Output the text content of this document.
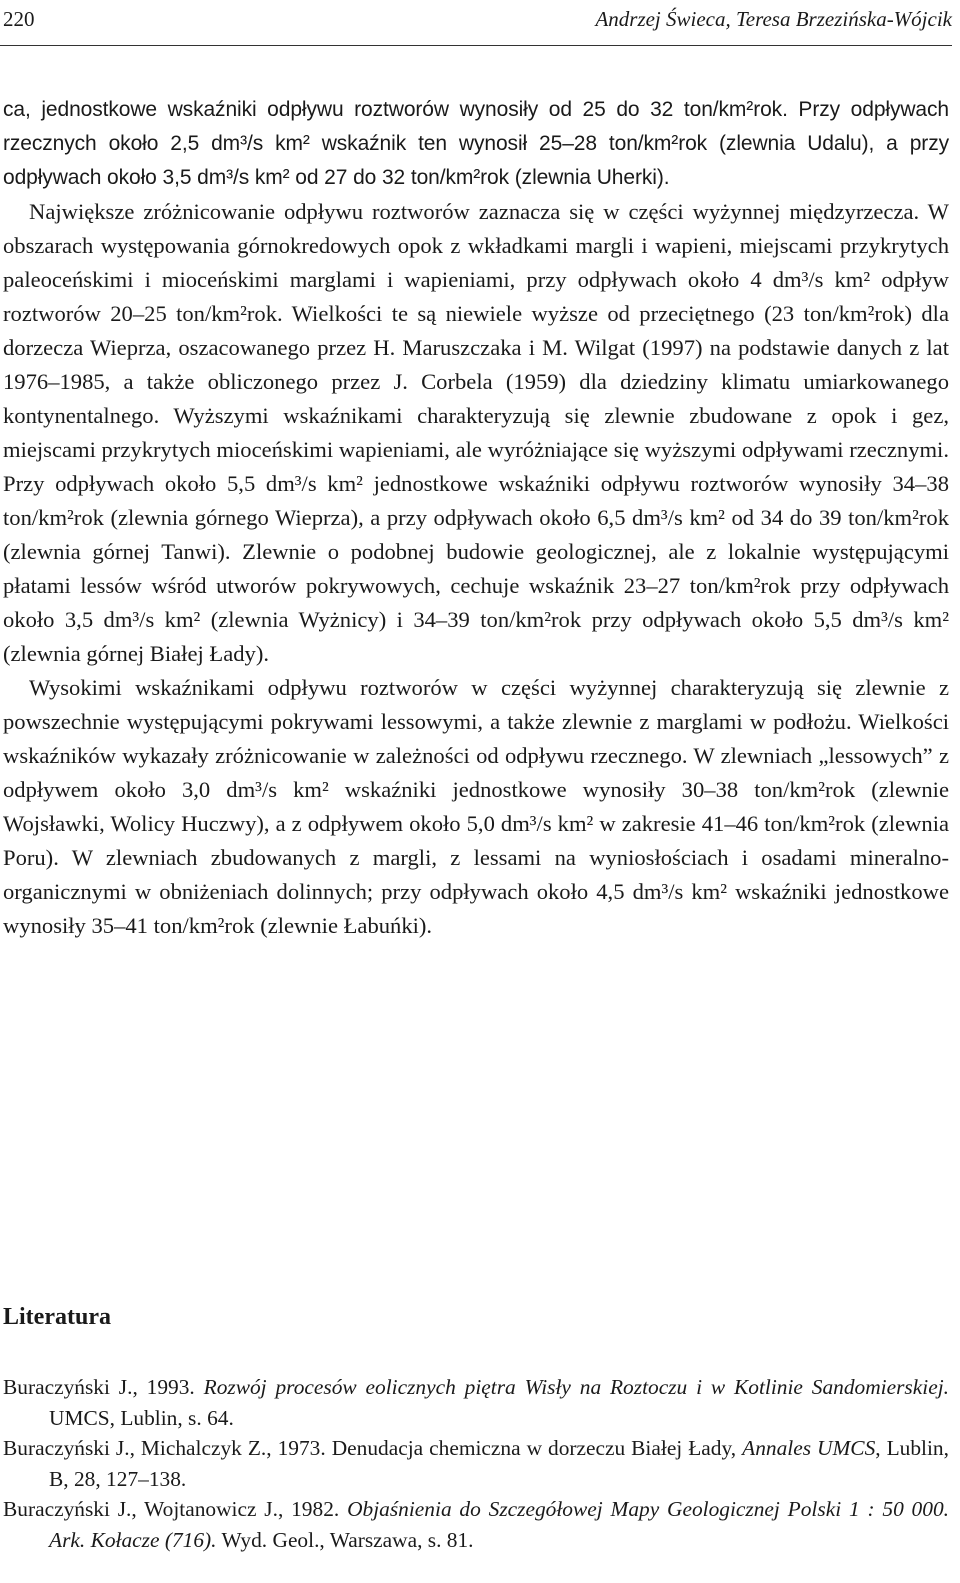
220	Andrzej Świeca, Teresa Brzezińska-Wójcik

ca, jednostkowe wskaźniki odpływu roztworów wynosiły od 25 do 32 ton/km²rok. Przy odpływach rzecznych około 2,5 dm³/s km² wskaźnik ten wynosił 25–28 ton/km²rok (zlewnia Udalu), a przy odpływach około 3,5 dm³/s km² od 27 do 32 ton/km²rok (zlewnia Uherki).

Największe zróżnicowanie odpływu roztworów zaznacza się w części wyżynnej międzyrzecza. W obszarach występowania górnokredowych opok z wkładkami margli i wapieni, miejscami przykrytych paleoceńskimi i mioceńskimi marglami i wapieniami, przy odpływach około 4 dm³/s km² odpływ roztworów 20–25 ton/km²rok. Wielkości te są niewiele wyższe od przeciętnego (23 ton/km²rok) dla dorzecza Wieprza, oszacowanego przez H. Maruszczaka i M. Wilgat (1997) na podstawie danych z lat 1976–1985, a także obliczonego przez J. Corbela (1959) dla dziedziny klimatu umiarkowanego kontynentalnego. Wyższymi wskaźnikami charakteryzują się zlewnie zbudowane z opok i gez, miejscami przykrytych mioceńskimi wapieniami, ale wyróżniające się wyższymi odpływami rzecznymi. Przy odpływach około 5,5 dm³/s km² jednostkowe wskaźniki odpływu roztworów wynosiły 34–38 ton/km²rok (zlewnia górnego Wieprza), a przy odpływach około 6,5 dm³/s km² od 34 do 39 ton/km²rok (zlewnia górnej Tanwi). Zlewnie o podobnej budowie geologicznej, ale z lokalnie występującymi płatami lessów wśród utworów pokrywowych, cechuje wskaźnik 23–27 ton/km²rok przy odpływach około 3,5 dm³/s km² (zlewnia Wyżnicy) i 34–39 ton/km²rok przy odpływach około 5,5 dm³/s km² (zlewnia górnej Białej Łady).

Wysokimi wskaźnikami odpływu roztworów w części wyżynnej charakteryzują się zlewnie z powszechnie występującymi pokrywami lessowymi, a także zlewnie z marglami w podłożu. Wielkości wskaźników wykazały zróżnicowanie w zależności od odpływu rzecznego. W zlewniach „lessowych” z odpływem około 3,0 dm³/s km² wskaźniki jednostkowe wynosiły 30–38 ton/km²rok (zlewnie Wojsławki, Wolicy Huczwy), a z odpływem około 5,0 dm³/s km² w zakresie 41–46 ton/km²rok (zlewnia Poru). W zlewniach zbudowanych z margli, z lessami na wyniosłościach i osadami mineralno-organicznymi w obniżeniach dolinnych; przy odpływach około 4,5 dm³/s km² wskaźniki jednostkowe wynosiły 35–41 ton/km²rok (zlewnie Łabuńki).

Literatura

Buraczyński J., 1993. Rozwój procesów eolicznych piętra Wisły na Roztoczu i w Kotlinie Sandomierskiej. UMCS, Lublin, s. 64.

Buraczyński J., Michalczyk Z., 1973. Denudacja chemiczna w dorzeczu Białej Łady, Annales UMCS, Lublin, B, 28, 127–138.

Buraczyński J., Wojtanowicz J., 1982. Objaśnienia do Szczegółowej Mapy Geologicznej Polski 1 : 50 000. Ark. Kołacze (716). Wyd. Geol., Warszawa, s. 81.
